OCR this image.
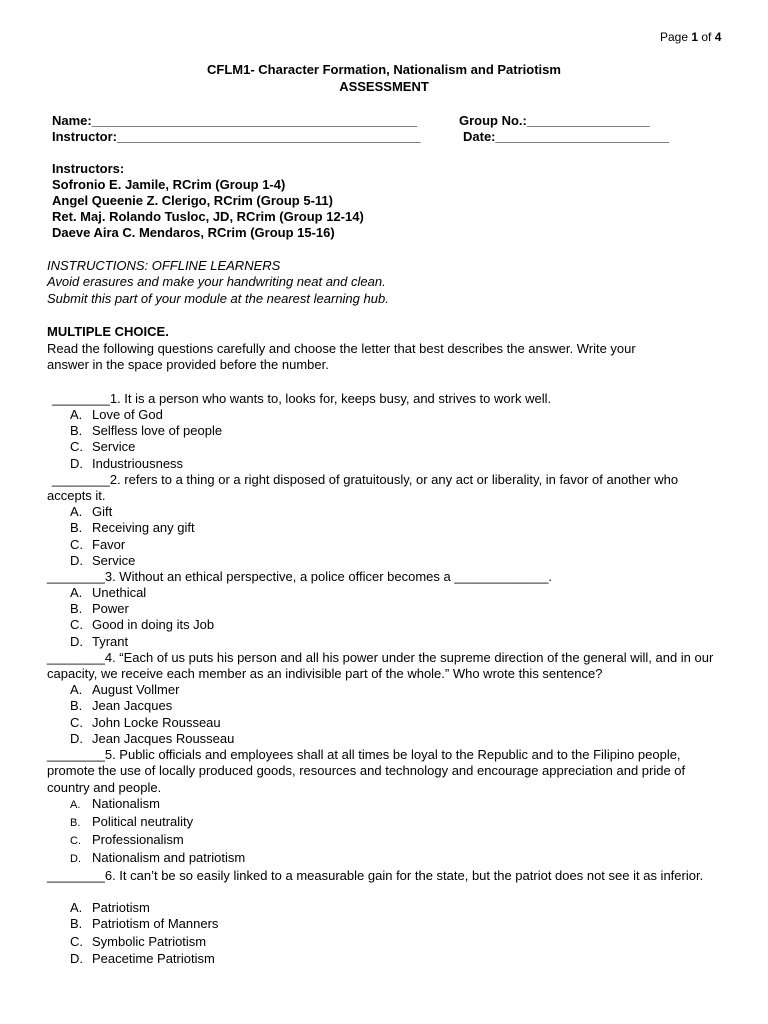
Page 1 of 4
CFLM1- Character Formation, Nationalism and Patriotism
ASSESSMENT
Name:_____________________________________________	Group No.:_________________
Instructor:__________________________________________	Date:________________________
Instructors:
Sofronio E. Jamile, RCrim (Group 1-4)
Angel Queenie Z. Clerigo, RCrim (Group 5-11)
Ret. Maj. Rolando Tusloc, JD, RCrim (Group 12-14)
Daeve Aira C. Mendaros, RCrim (Group 15-16)
INSTRUCTIONS: OFFLINE LEARNERS
Avoid erasures and make your handwriting neat and clean.
Submit this part of your module at the nearest learning hub.
MULTIPLE CHOICE.
Read the following questions carefully and choose the letter that best describes the answer. Write your
answer in the space provided before the number.
________1. It is a person who wants to, looks for, keeps busy, and strives to work well.
A. Love of God
B. Selfless love of people
C. Service
D. Industriousness
________2. refers to a thing or a right disposed of gratuitously, or any act or liberality, in favor of another who accepts it.
A. Gift
B. Receiving any gift
C. Favor
D. Service
________3. Without an ethical perspective, a police officer becomes a _____________.
A. Unethical
B. Power
C. Good in doing its Job
D. Tyrant
________4. “Each of us puts his person and all his power under the supreme direction of the general will, and in our capacity, we receive each member as an indivisible part of the whole.” Who wrote this sentence?
A. August Vollmer
B. Jean Jacques
C. John Locke Rousseau
D. Jean Jacques Rousseau
________5. Public officials and employees shall at all times be loyal to the Republic and to the Filipino people, promote the use of locally produced goods, resources and technology and encourage appreciation and pride of country and people.
A. Nationalism
B. Political neutrality
C. Professionalism
D. Nationalism and patriotism
________6. It can’t be so easily linked to a measurable gain for the state, but the patriot does not see it as inferior.
A. Patriotism
B. Patriotism of Manners
C. Symbolic Patriotism
D. Peacetime Patriotism
